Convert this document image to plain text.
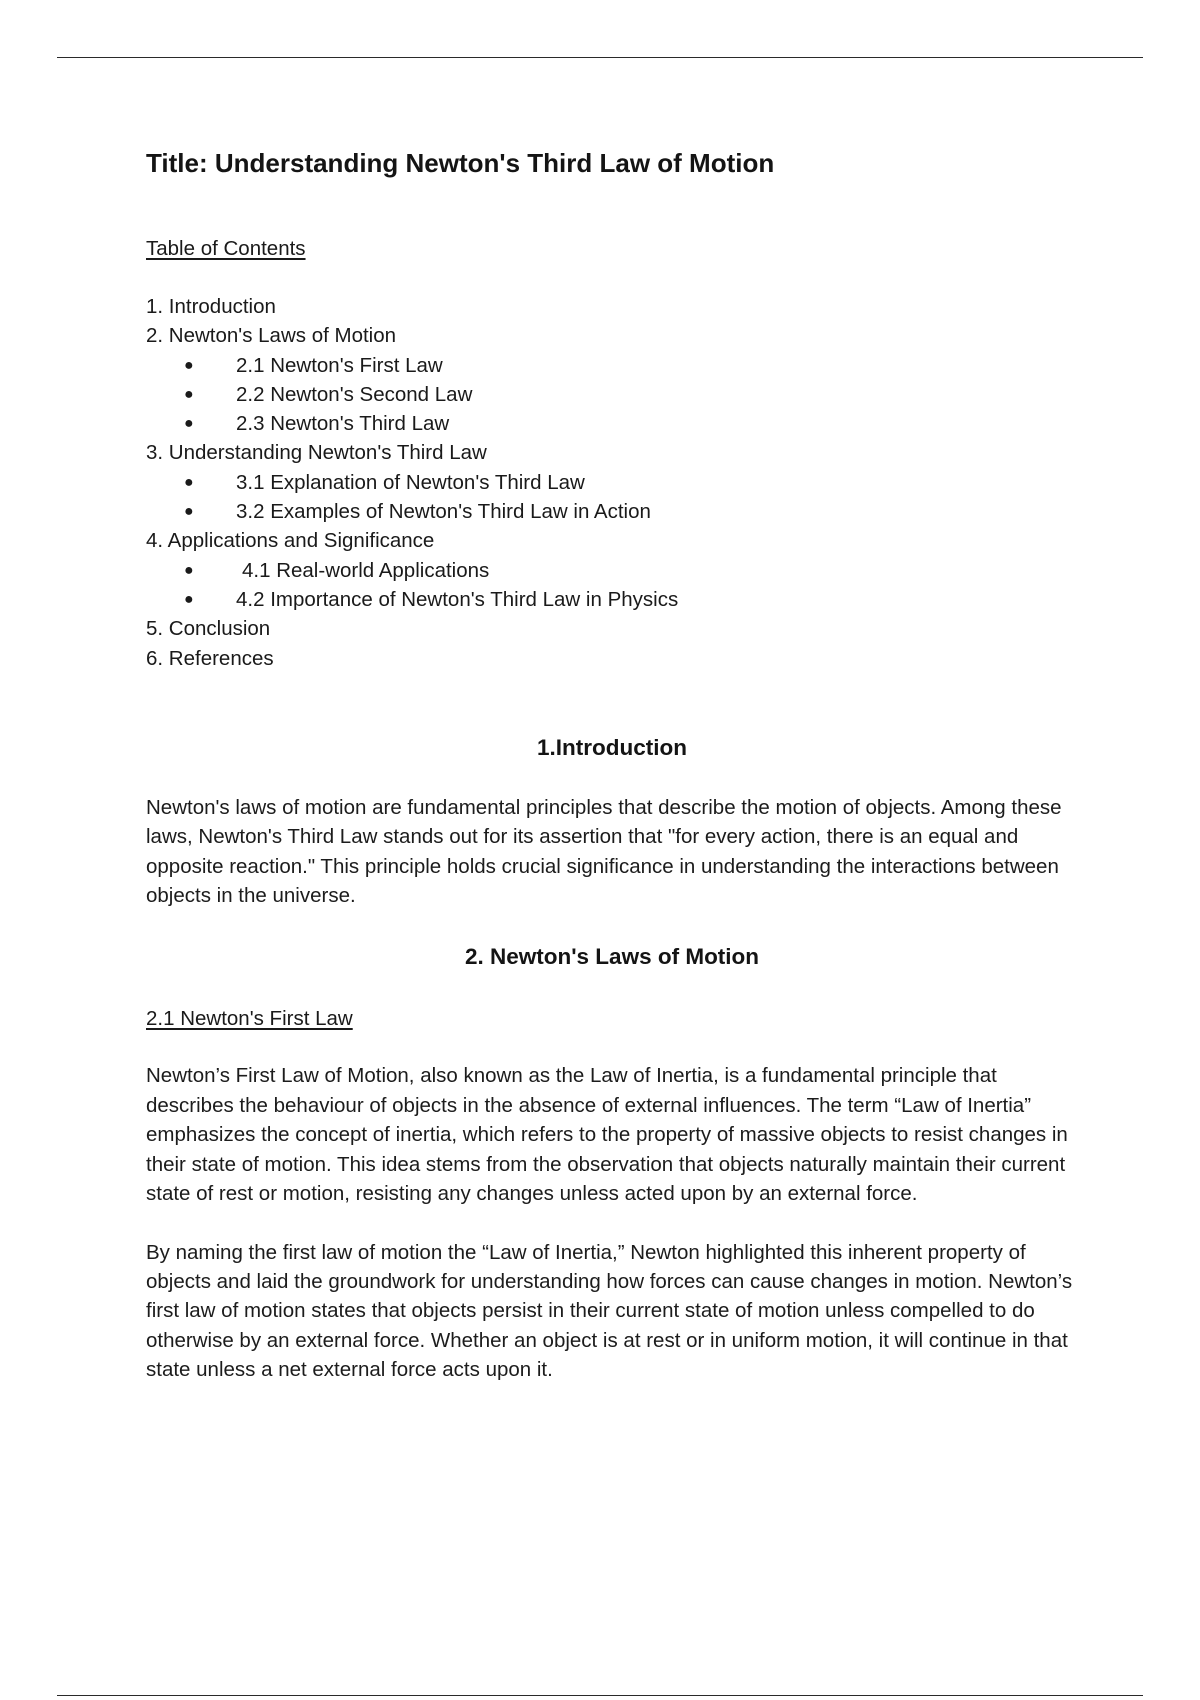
Title: Understanding Newton's Third Law of Motion
Table of Contents
1. Introduction
2. Newton's Laws of Motion
● 2.1 Newton's First Law
● 2.2 Newton's Second Law
● 2.3 Newton's Third Law
3. Understanding Newton's Third Law
● 3.1 Explanation of Newton's Third Law
● 3.2 Examples of Newton's Third Law in Action
4. Applications and Significance
● 4.1 Real-world Applications
● 4.2 Importance of Newton's Third Law in Physics
5. Conclusion
6. References
1.Introduction

Newton's laws of motion are fundamental principles that describe the motion of objects. Among these laws, Newton's Third Law stands out for its assertion that "for every action, there is an equal and opposite reaction." This principle holds crucial significance in understanding the interactions between objects in the universe.

2. Newton's Laws of Motion
2.1 Newton's First Law

Newton’s First Law of Motion, also known as the Law of Inertia, is a fundamental principle that describes the behaviour of objects in the absence of external influences. The term “Law of Inertia” emphasizes the concept of inertia, which refers to the property of massive objects to resist changes in their state of motion. This idea stems from the observation that objects naturally maintain their current state of rest or motion, resisting any changes unless acted upon by an external force.

By naming the first law of motion the “Law of Inertia,” Newton highlighted this inherent property of objects and laid the groundwork for understanding how forces can cause changes in motion. Newton’s first law of motion states that objects persist in their current state of motion unless compelled to do otherwise by an external force. Whether an object is at rest or in uniform motion, it will continue in that state unless a net external force acts upon it.
